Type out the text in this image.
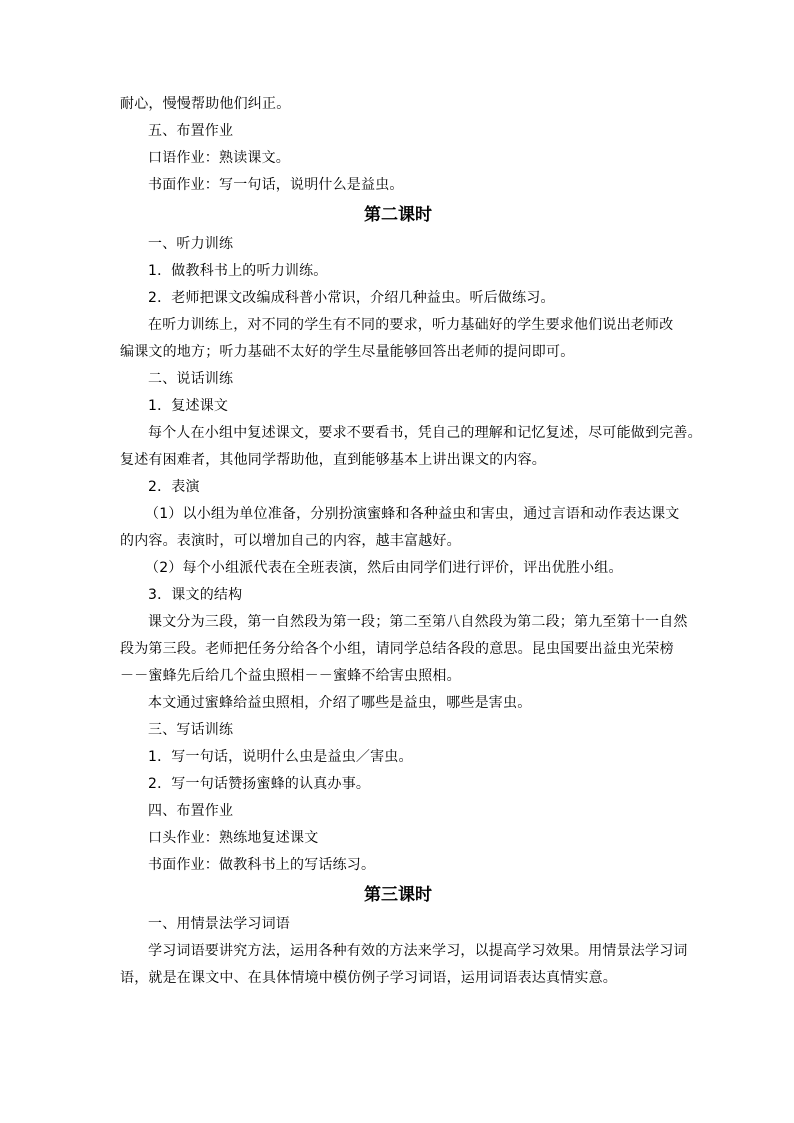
耐心，慢慢帮助他们纠正。
五、布置作业
口语作业：熟读课文。
书面作业：写一句话，说明什么是益虫。
第二课时
一、听力训练
1．做教科书上的听力训练。
2．老师把课文改编成科普小常识，介绍几种益虫。听后做练习。
在听力训练上，对不同的学生有不同的要求，听力基础好的学生要求他们说出老师改
编课文的地方；听力基础不太好的学生尽量能够回答出老师的提问即可。
二、说话训练
1．复述课文
每个人在小组中复述课文，要求不要看书，凭自己的理解和记忆复述，尽可能做到完善。
复述有困难者，其他同学帮助他，直到能够基本上讲出课文的内容。
2．表演
（1）以小组为单位准备，分别扮演蜜蜂和各种益虫和害虫，通过言语和动作表达课文
的内容。表演时，可以增加自己的内容，越丰富越好。
（2）每个小组派代表在全班表演，然后由同学们进行评价，评出优胜小组。
3．课文的结构
课文分为三段，第一自然段为第一段；第二至第八自然段为第二段；第九至第十一自然
段为第三段。老师把任务分给各个小组，请同学总结各段的意思。昆虫国要出益虫光荣榜
－－蜜蜂先后给几个益虫照相－－蜜蜂不给害虫照相。
本文通过蜜蜂给益虫照相，介绍了哪些是益虫，哪些是害虫。
三、写话训练
1．写一句话，说明什么虫是益虫／害虫。
2．写一句话赞扬蜜蜂的认真办事。
四、布置作业
口头作业：熟练地复述课文
书面作业：做教科书上的写话练习。
第三课时
一、用情景法学习词语
学习词语要讲究方法，运用各种有效的方法来学习，以提高学习效果。用情景法学习词
语，就是在课文中、在具体情境中模仿例子学习词语，运用词语表达真情实意。
